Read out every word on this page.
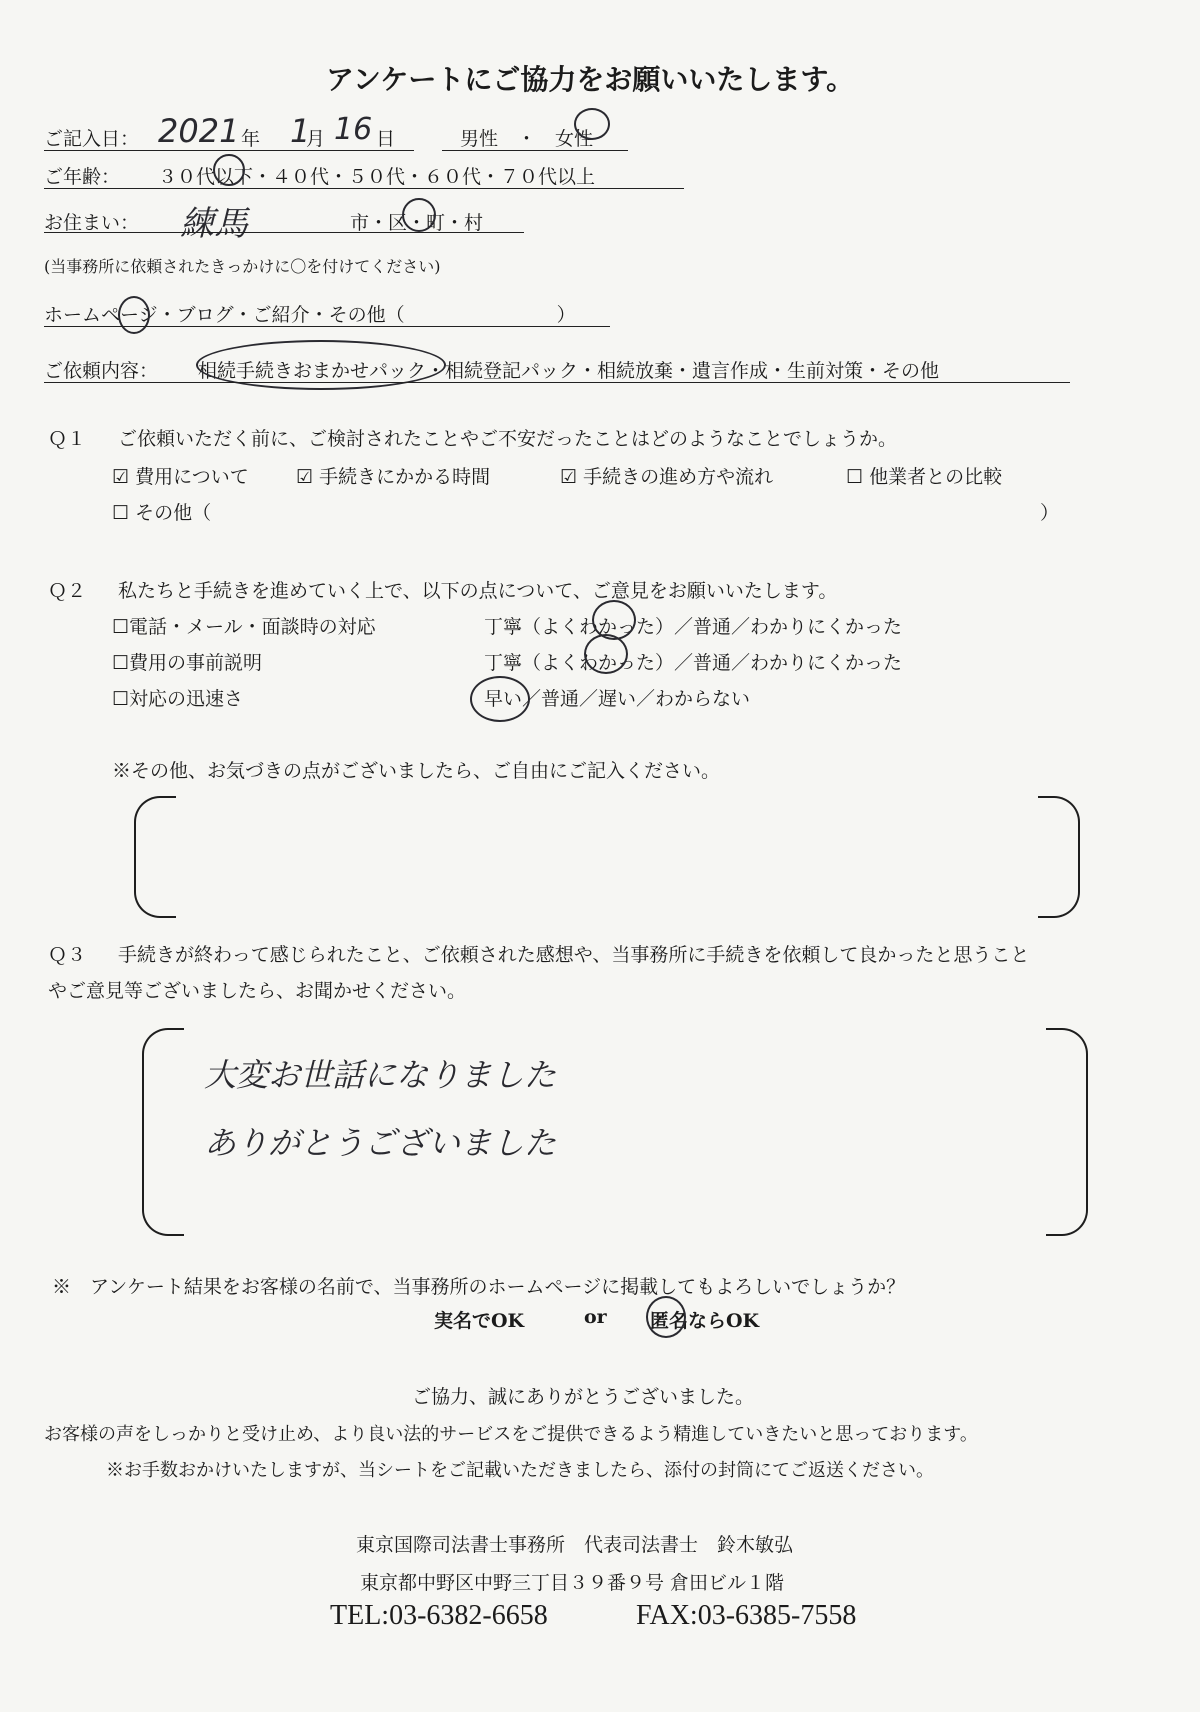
アンケートにご協力をお願いいたします。
ご記入日： 2021 年 1
月 16 日	男性　・　女性
ご年齢： ３０代以下・４０代・５０代・６０代・７０代以上
お住まい： 練馬	市・区・町・村
(当事務所に依頼されたきっかけに〇を付けてください)
ホームページ・ブログ・ご紹介・その他（　　　　　　　　）
ご依頼内容： 相続手続きおまかせパック・相続登記パック・相続放棄・遺言作成・生前対策・その他
Ｑ１ ご依頼いただく前に、ご検討されたことやご不安だったことはどのようなことでしょうか。
☑ 費用について ☑ 手続きにかかる時間	☑ 手続きの進め方や流れ	☐ 他業者との比較
☐ その他（	）
Ｑ２ 私たちと手続きを進めていく上で、以下の点について、ご意見をお願いいたします。
☐電話・メール・面談時の対応	丁寧（よくわかった）／普通／わかりにくかった
☐費用の事前説明	丁寧（よくわかった）／普通／わかりにくかった
☐対応の迅速さ	早い／普通／遅い／わからない
※その他、お気づきの点がございましたら、ご自由にご記入ください。
Ｑ３ 手続きが終わって感じられたこと、ご依頼された感想や、当事務所に手続きを依頼して良かったと思うこと
やご意見等ございましたら、お聞かせください。
大変お世話になりました
ありがとうございました
※　アンケート結果をお客様の名前で、当事務所のホームページに掲載してもよろしいでしょうか？
実名でOK	or 匿名ならOK
ご協力、誠にありがとうございました。
お客様の声をしっかりと受け止め、より良い法的サービスをご提供できるよう精進していきたいと思っております。
※お手数おかけいたしますが、当シートをご記載いただきましたら、添付の封筒にてご返送ください。
東京国際司法書士事務所　代表司法書士　鈴木敏弘
東京都中野区中野三丁目３９番９号 倉田ビル１階
TEL:03-6382-6658	FAX:03-6385-7558
